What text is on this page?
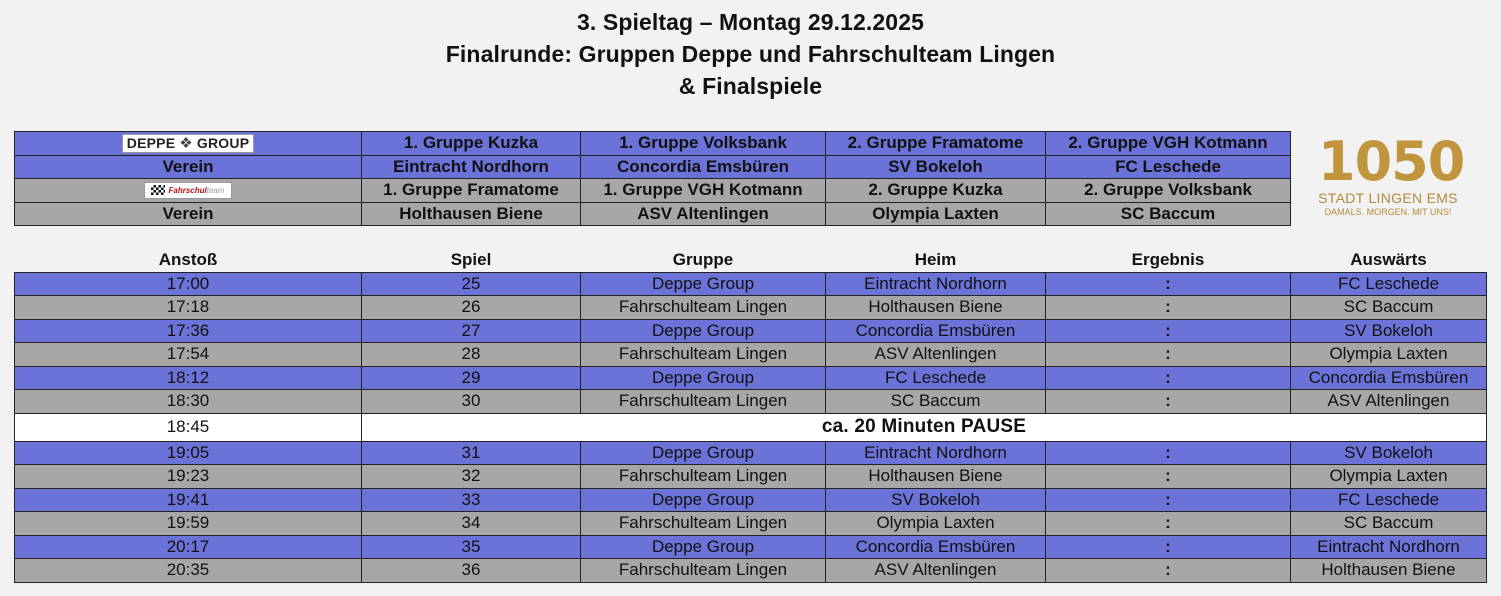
3. Spieltag – Montag 29.12.2025
Finalrunde: Gruppen Deppe und Fahrschulteam Lingen
& Finalspiele
DEPPE ❖ GROUP	1. Gruppe Kuzka	1. Gruppe Volksbank	2. Gruppe Framatome	2. Gruppe VGH Kotmann
Verein	Eintracht Nordhorn	Concordia Emsbüren	SV Bokeloh	FC Leschede

Fahrschulteam	1. Gruppe Framatome	1. Gruppe VGH Kotmann	2. Gruppe Kuzka	2. Gruppe Volksbank
Verein	Holthausen Biene	ASV Altenlingen	Olympia Laxten	SC Baccum
1050
STADT LINGEN EMS
DAMALS. MORGEN. MIT UNS!
Anstoß	Spiel	Gruppe	Heim	Ergebnis	Auswärts
17:00	25	Deppe Group	Eintracht Nordhorn	:	FC Leschede
17:18	26	Fahrschulteam Lingen	Holthausen Biene	:	SC Baccum
17:36	27	Deppe Group	Concordia Emsbüren	:	SV Bokeloh
17:54	28	Fahrschulteam Lingen	ASV Altenlingen	:	Olympia Laxten
18:12	29	Deppe Group	FC Leschede	:	Concordia Emsbüren
18:30	30	Fahrschulteam Lingen	SC Baccum	:	ASV Altenlingen
18:45	ca. 20 Minuten PAUSE				
19:05	31	Deppe Group	Eintracht Nordhorn	:	SV Bokeloh
19:23	32	Fahrschulteam Lingen	Holthausen Biene	:	Olympia Laxten
19:41	33	Deppe Group	SV Bokeloh	:	FC Leschede
19:59	34	Fahrschulteam Lingen	Olympia Laxten	:	SC Baccum
20:17	35	Deppe Group	Concordia Emsbüren	:	Eintracht Nordhorn
20:35	36	Fahrschulteam Lingen	ASV Altenlingen	:	Holthausen Biene
